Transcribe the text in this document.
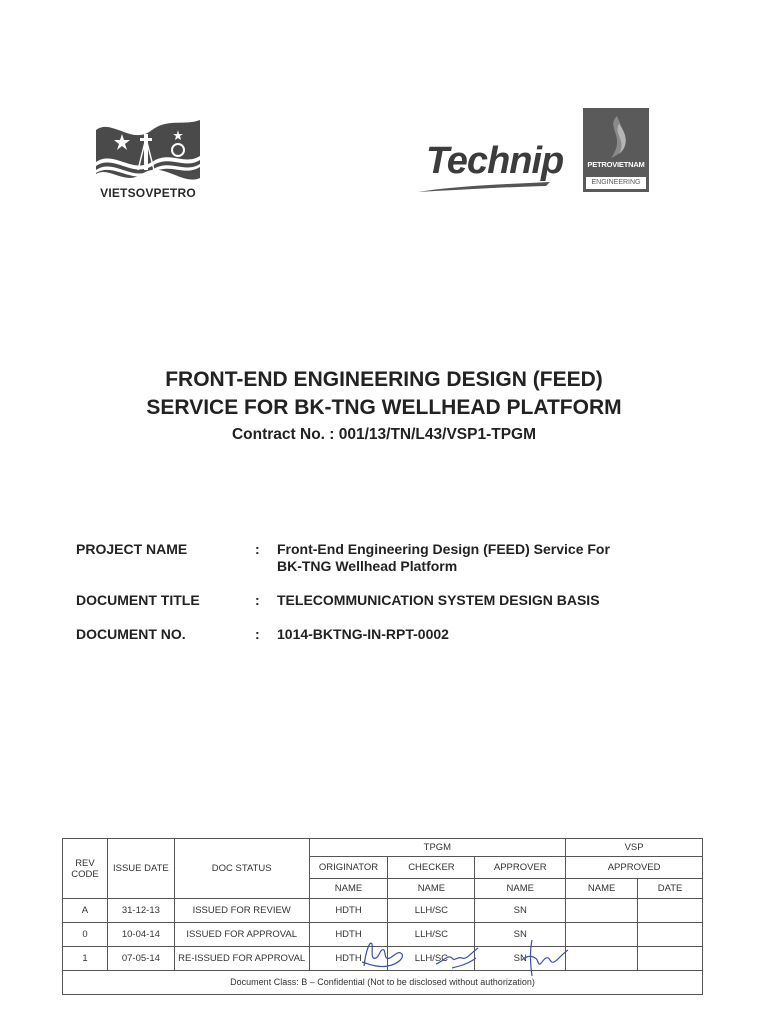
VIETSOVPETRO
Technip	PETROVIETNAM
ENGINEERING
FRONT-END ENGINEERING DESIGN (FEED)
SERVICE FOR BK-TNG WELLHEAD PLATFORM
Contract No. : 001/13/TN/L43/VSP1-TPGM
PROJECT NAME	: Front-End Engineering Design (FEED) Service For
BK-TNG Wellhead Platform
DOCUMENT TITLE	: TELECOMMUNICATION SYSTEM DESIGN BASIS
DOCUMENT NO.	: 1014-BKTNG-IN-RPT-0002
REV CODE	ISSUE DATE	DOC STATUS	TPGM			VSP	
			ORIGINATOR	CHECKER	APPROVER	APPROVED	
			NAME	NAME	NAME	NAME	DATE
A	31-12-13	ISSUED FOR REVIEW	HDTH	LLH/SC	SN		
0	10-04-14	ISSUED FOR APPROVAL	HDTH	LLH/SC	SN		
1	07-05-14	RE-ISSUED FOR APPROVAL	HDTH	LLH/SC	SN		
Document Class: B – Confidential (Not to be disclosed without authorization)							
